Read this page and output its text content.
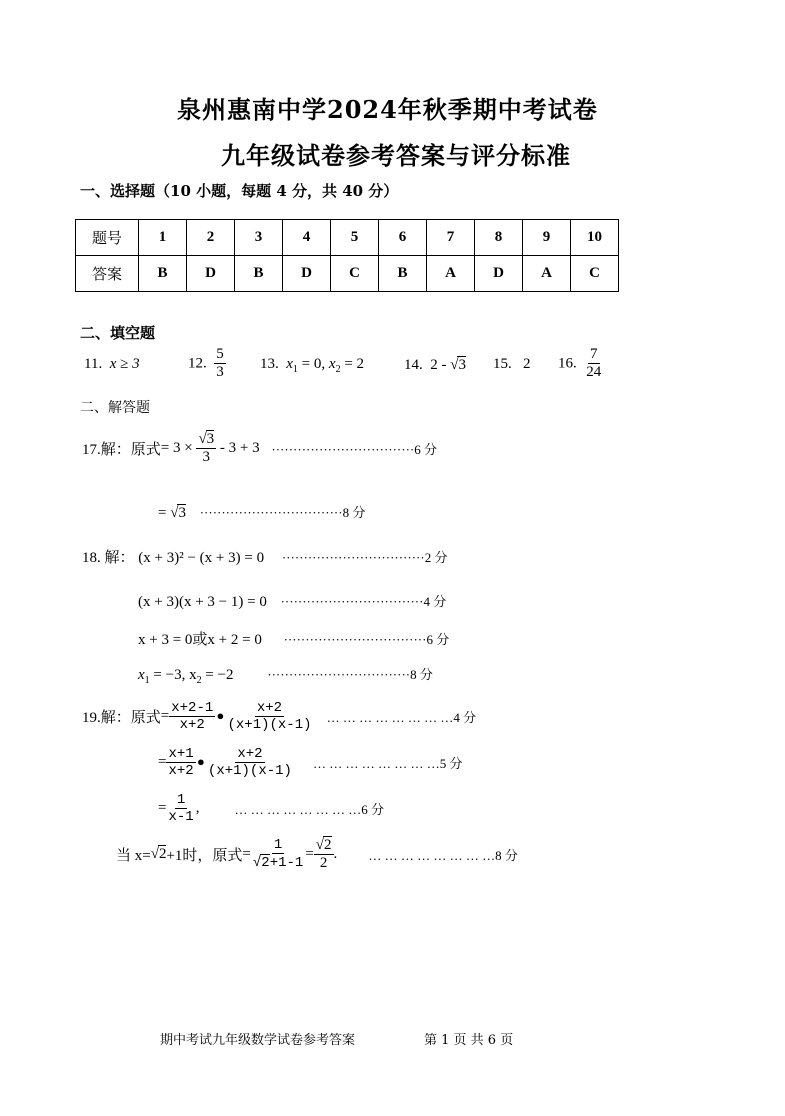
泉州惠南中学2024年秋季期中考试卷
九年级试卷参考答案与评分标准
一、选择题（10 小题，每题 4 分，共 40 分）
题号	1	2	3	4	5	6	7	8	9	10
答案	B	D	B	D	C	B	A	D	A	C
二、填空题
11. x ≥ 3	12. $\frac{5}{3} 13$. $x_1 = 0$, $x_2 = 2$	14. 2 - √3 15. 2 16. $\frac{7}{24}$
二、解答题
17.解：原式= $3 \times \frac{√3}{3} - 3 + 3 \cdot\cdot\cdot\cdot\cdot\cdot\cdot\cdot\cdot\cdot\cdot\cdot\cdot\cdot\cdot\cdot\cdot\cdot\cdot\cdot\cdot\cdot\cdot\cdot\cdot\cdot\cdot\cdot\cdot\cdot\cdot\cdot\cdot 6$ 分
= √3 ·································8 分
18. 解： (x + 3)² − (x + 3) = 0 ·································2 分
(x + 3)(x + 3 − 1) = 0 ·································4 分
x + 3 = 0或x + 2 = 0 ·································6 分
$x_1 = -3$, $x_2 = -2$	·································8 分
19.解：原式= $\frac{x+2-1}{x+2}$ • $\frac{x+2}{(x+1)(x-1)}$ … … … … … … … …4 分
= $\frac{x+1}{x+2}$ • $\frac{x+2}{(x+1)(x-1)}$ … … … … … … … …5 分
= $\frac{1}{x-1}$ ,	… … … … … … … …6 分
当 x=√2+1时，原式= $\frac{1}{√2+1-1} = \frac{√2}{2}$ . … … … … … … … …8 分
期中考试九年级数学试卷参考答案	第 1 页 共 6 页
